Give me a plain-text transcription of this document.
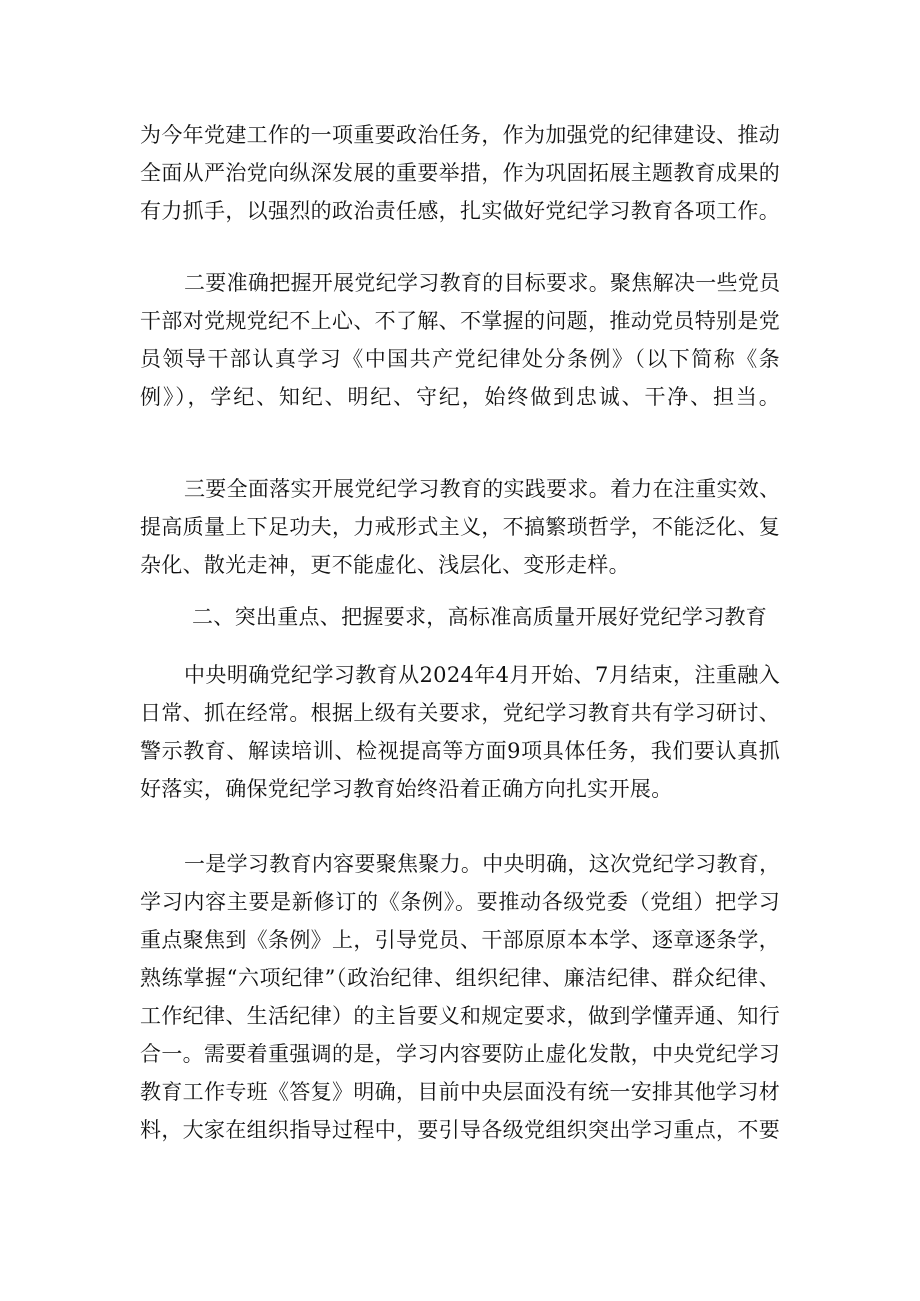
为今年党建工作的一项重要政治任务，作为加强党的纪律建设、推动
全面从严治党向纵深发展的重要举措，作为巩固拓展主题教育成果的
有力抓手，以强烈的政治责任感，扎实做好党纪学习教育各项工作。
二要准确把握开展党纪学习教育的目标要求。聚焦解决一些党员
干部对党规党纪不上心、不了解、不掌握的问题，推动党员特别是党
员领导干部认真学习《中国共产党纪律处分条例》（以下简称《条
例》），学纪、知纪、明纪、守纪，始终做到忠诚、干净、担当。
三要全面落实开展党纪学习教育的实践要求。着力在注重实效、
提高质量上下足功夫，力戒形式主义，不搞繁琐哲学，不能泛化、复
杂化、散光走神，更不能虚化、浅层化、变形走样。
二、突出重点、把握要求，高标准高质量开展好党纪学习教育
中央明确党纪学习教育从2024年4月开始、7月结束，注重融入
日常、抓在经常。根据上级有关要求，党纪学习教育共有学习研讨、
警示教育、解读培训、检视提高等方面9项具体任务，我们要认真抓
好落实，确保党纪学习教育始终沿着正确方向扎实开展。
一是学习教育内容要聚焦聚力。中央明确，这次党纪学习教育，
学习内容主要是新修订的《条例》。要推动各级党委（党组）把学习
重点聚焦到《条例》上，引导党员、干部原原本本学、逐章逐条学，
熟练掌握“六项纪律”（政治纪律、组织纪律、廉洁纪律、群众纪律、
工作纪律、生活纪律）的主旨要义和规定要求，做到学懂弄通、知行
合一。需要着重强调的是，学习内容要防止虚化发散，中央党纪学习
教育工作专班《答复》明确，目前中央层面没有统一安排其他学习材
料，大家在组织指导过程中，要引导各级党组织突出学习重点，不要
